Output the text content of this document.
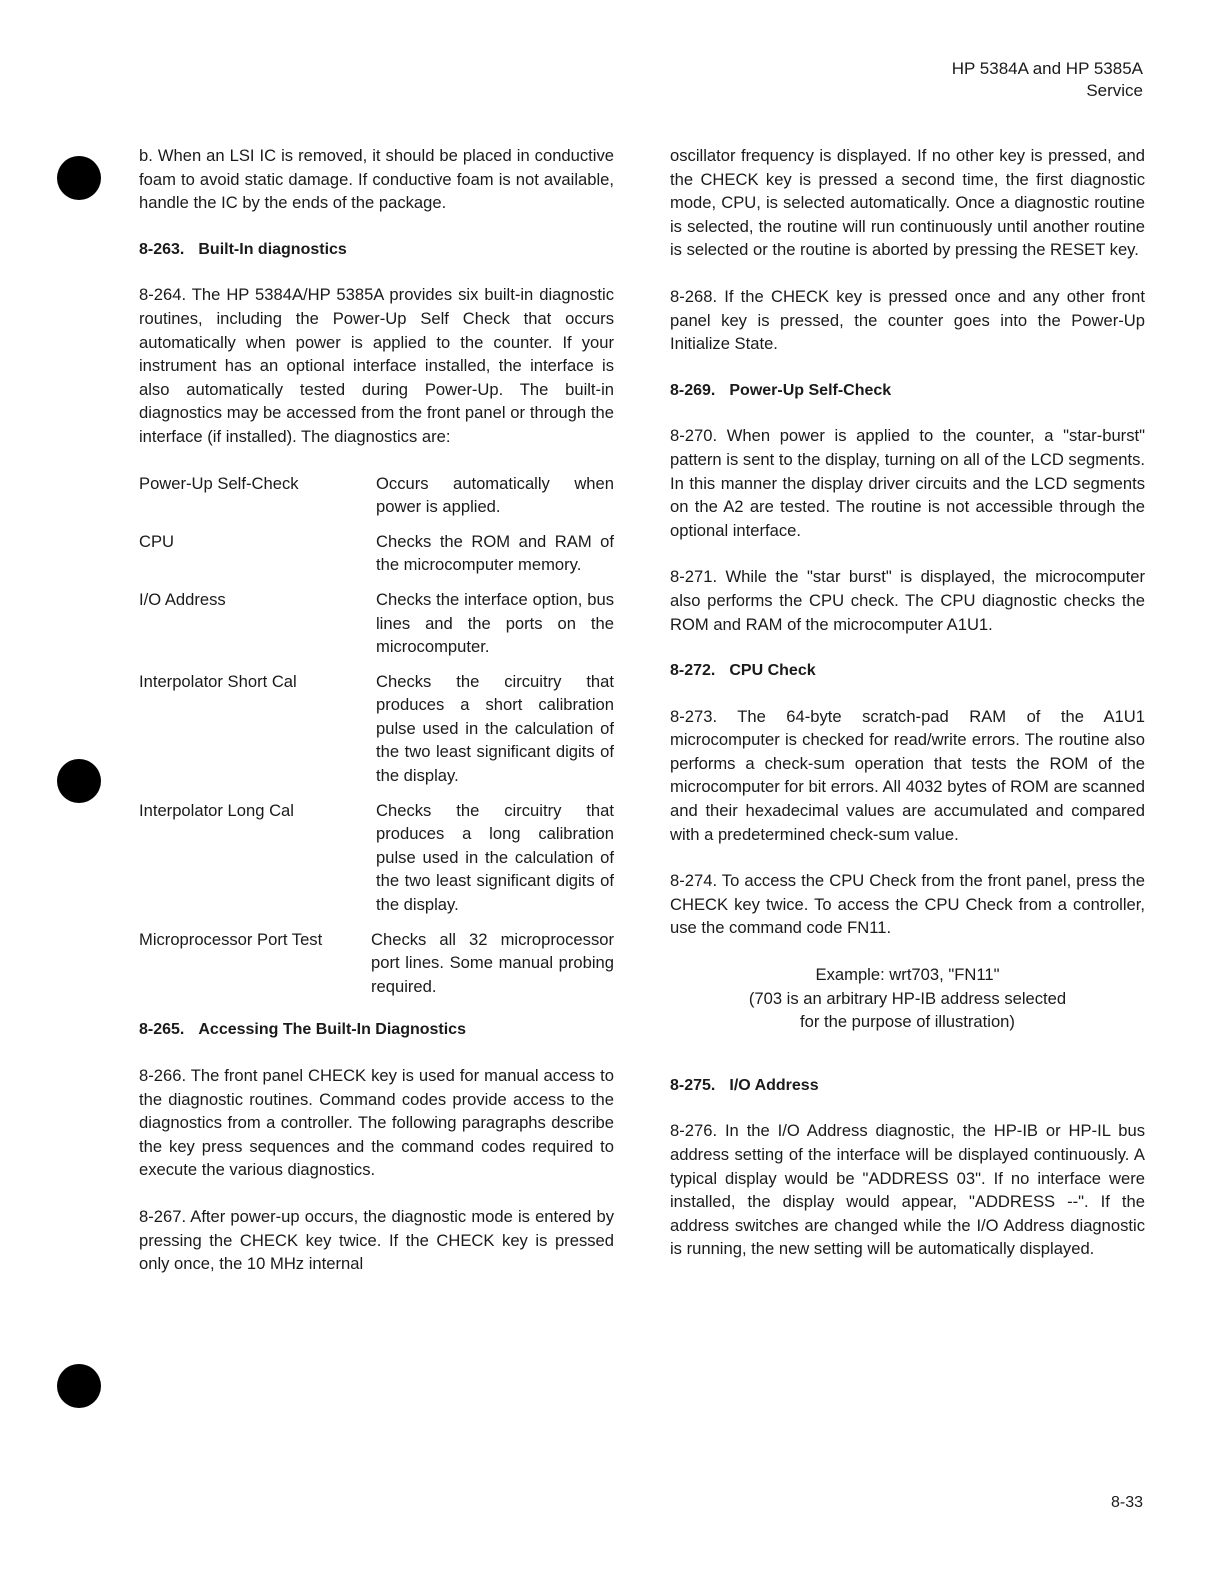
HP 5384A and HP 5385A
Service

b. When an LSI IC is removed, it should be placed in conductive foam to avoid static damage. If conductive foam is not available, handle the IC by the ends of the package.

8-263. Built-In diagnostics

8-264. The HP 5384A/HP 5385A provides six built-in diagnostic routines, including the Power-Up Self Check that occurs automatically when power is applied to the counter. If your instrument has an optional interface installed, the interface is also automatically tested during Power-Up. The built-in diagnostics may be accessed from the front panel or through the interface (if installed). The diagnostics are:

Power-Up Self-Check	Occurs automatically when power is applied.
CPU	Checks the ROM and RAM of the microcomputer memory.
I/O Address	Checks the interface option, bus lines and the ports on the microcomputer.
Interpolator Short Cal	Checks the circuitry that produces a short calibration pulse used in the calculation of the two least significant digits of the display.
Interpolator Long Cal	Checks the circuitry that produces a long calibration pulse used in the calculation of the two least significant digits of the display.
Microprocessor Port Test	Checks all 32 microprocessor port lines. Some manual probing required.
8-265. Accessing The Built-In Diagnostics

8-266. The front panel CHECK key is used for manual access to the diagnostic routines. Command codes provide access to the diagnostics from a controller. The following paragraphs describe the key press sequences and the command codes required to execute the various diagnostics.

8-267. After power-up occurs, the diagnostic mode is entered by pressing the CHECK key twice. If the CHECK key is pressed only once, the 10 MHz internal

oscillator frequency is displayed. If no other key is pressed, and the CHECK key is pressed a second time, the first diagnostic mode, CPU, is selected automatically. Once a diagnostic routine is selected, the routine will run continuously until another routine is selected or the routine is aborted by pressing the RESET key.

8-268. If the CHECK key is pressed once and any other front panel key is pressed, the counter goes into the Power-Up Initialize State.

8-269. Power-Up Self-Check

8-270. When power is applied to the counter, a "star-burst" pattern is sent to the display, turning on all of the LCD segments. In this manner the display driver circuits and the LCD segments on the A2 are tested. The routine is not accessible through the optional interface.

8-271. While the "star burst" is displayed, the microcomputer also performs the CPU check. The CPU diagnostic checks the ROM and RAM of the microcomputer A1U1.

8-272. CPU Check

8-273. The 64-byte scratch-pad RAM of the A1U1 microcomputer is checked for read/write errors. The routine also performs a check-sum operation that tests the ROM of the microcomputer for bit errors. All 4032 bytes of ROM are scanned and their hexadecimal values are accumulated and compared with a predetermined check-sum value.

8-274. To access the CPU Check from the front panel, press the CHECK key twice. To access the CPU Check from a controller, use the command code FN11.

Example: wrt703, "FN11"
(703 is an arbitrary HP-IB address selected
for the purpose of illustration)
8-275. I/O Address

8-276. In the I/O Address diagnostic, the HP-IB or HP-IL bus address setting of the interface will be displayed continuously. A typical display would be "ADDRESS 03". If no interface were installed, the display would appear, "ADDRESS --". If the address switches are changed while the I/O Address diagnostic is running, the new setting will be automatically displayed.

8-33
